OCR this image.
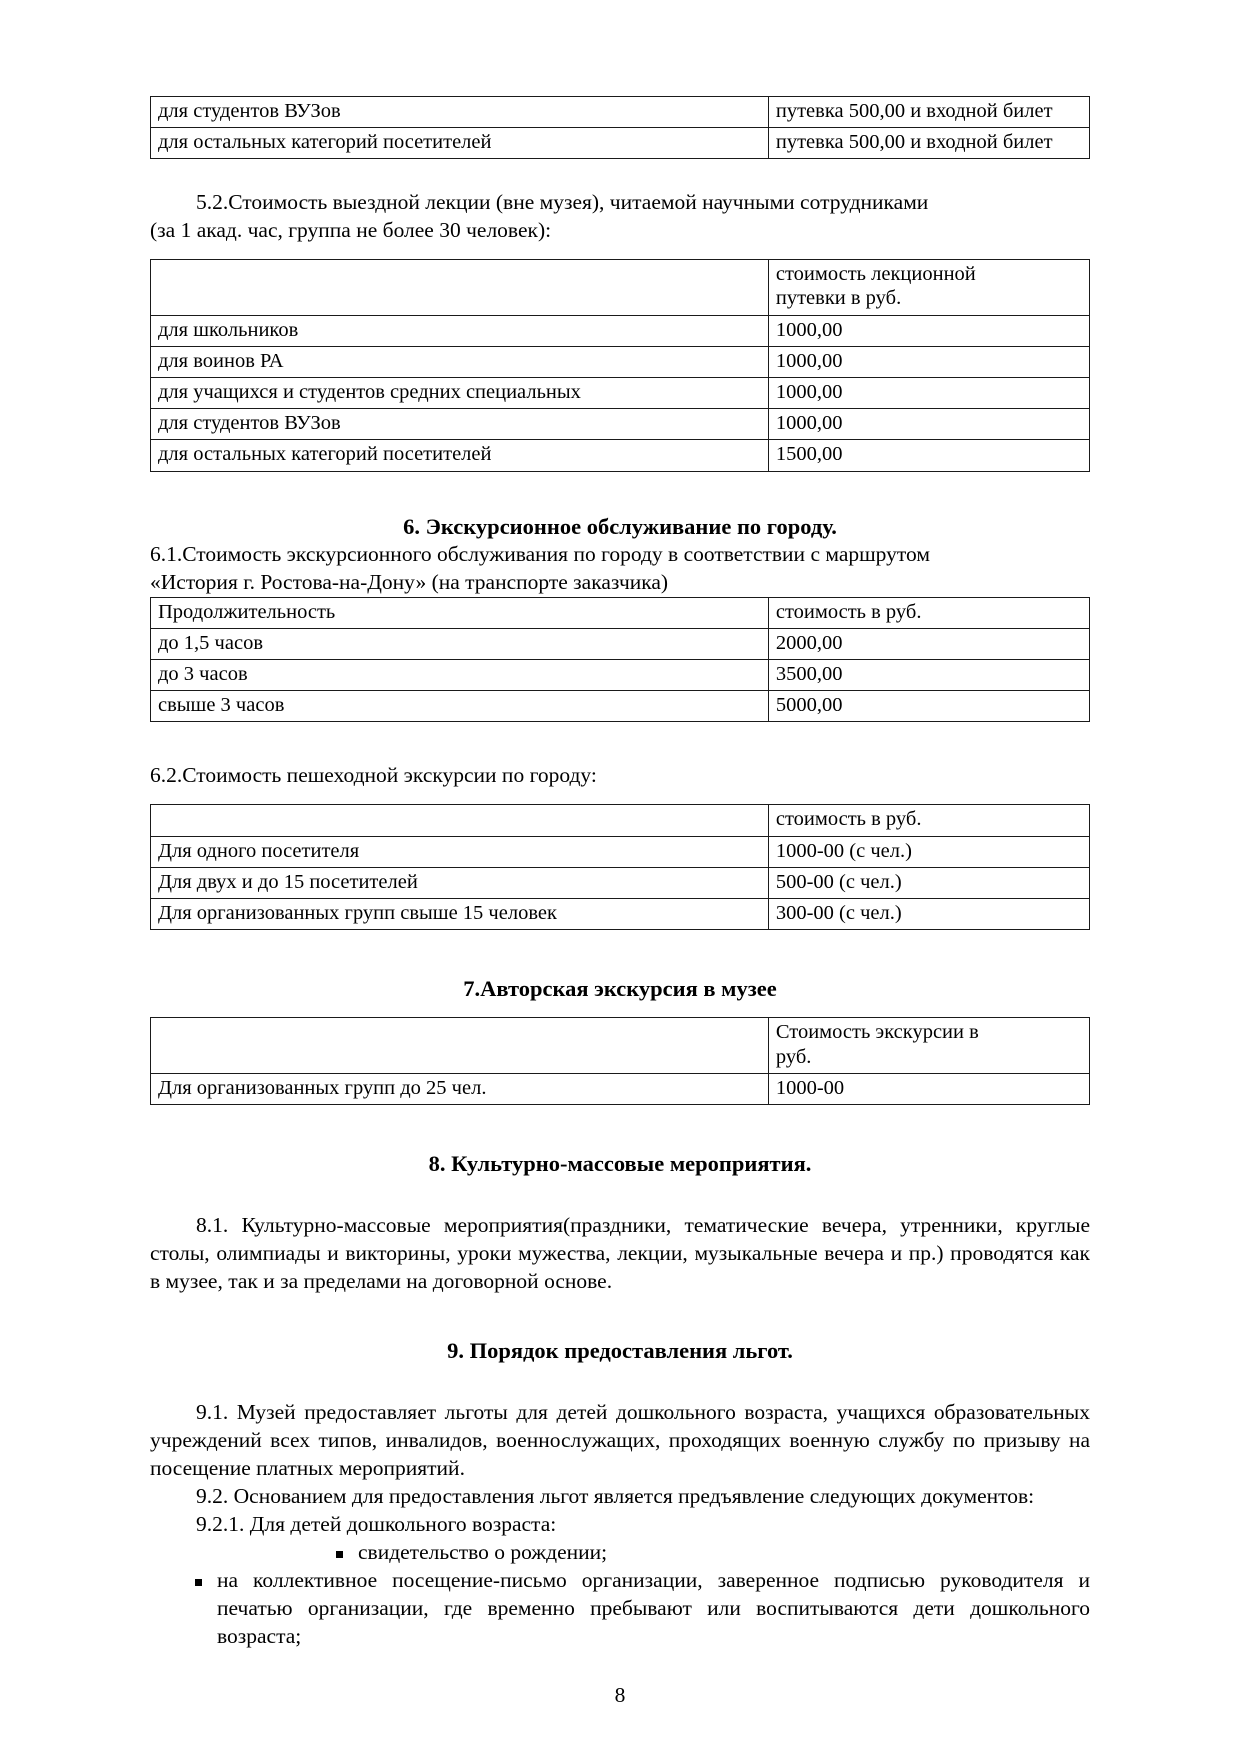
для студентов ВУЗов	путевка 500,00 и входной билет
для остальных категорий посетителей	путевка 500,00 и входной билет

5.2.Стоимость выездной лекции (вне музея), читаемой научными сотрудниками

(за 1 акад. час, группа не более 30 человек):

	стоимость лекционной
путевки в руб.
для школьников	1000,00
для воинов РА	1000,00
для учащихся и студентов средних специальных	1000,00
для студентов ВУЗов	1000,00
для остальных категорий посетителей	1500,00
6. Экскурсионное обслуживание по городу.

6.1.Стоимость экскурсионного обслуживания по городу в соответствии с маршрутом

«История г. Ростова-на-Дону» (на транспорте заказчика)

Продолжительность	стоимость в руб.
до 1,5 часов	2000,00
до 3 часов	3500,00
свыше 3 часов	5000,00

6.2.Стоимость пешеходной экскурсии по городу:

	стоимость в руб.
Для одного посетителя	1000-00 (с чел.)
Для двух и до 15 посетителей	500-00 (с чел.)
Для организованных групп свыше 15 человек	300-00 (с чел.)
7.Авторская экскурсия в музее
	Стоимость экскурсии в
руб.
Для организованных групп до 25 чел.	1000-00
8. Культурно-массовые мероприятия.

8.1. Культурно-массовые мероприятия(праздники, тематические вечера, утренники, круглые столы, олимпиады и викторины, уроки мужества, лекции, музыкальные вечера и пр.) проводятся как в музее, так и за пределами на договорной основе.

9. Порядок предоставления льгот.

9.1. Музей предоставляет льготы для детей дошкольного возраста, учащихся образовательных учреждений всех типов, инвалидов, военнослужащих, проходящих военную службу по призыву на посещение платных мероприятий.

9.2. Основанием для предоставления льгот является предъявление следующих документов:

9.2.1. Для детей дошкольного возраста:

свидетельство о рождении;
на коллективное посещение-письмо организации, заверенное подписью руководителя и печатью организации, где временно пребывают или воспитываются дети дошкольного возраста;
8
